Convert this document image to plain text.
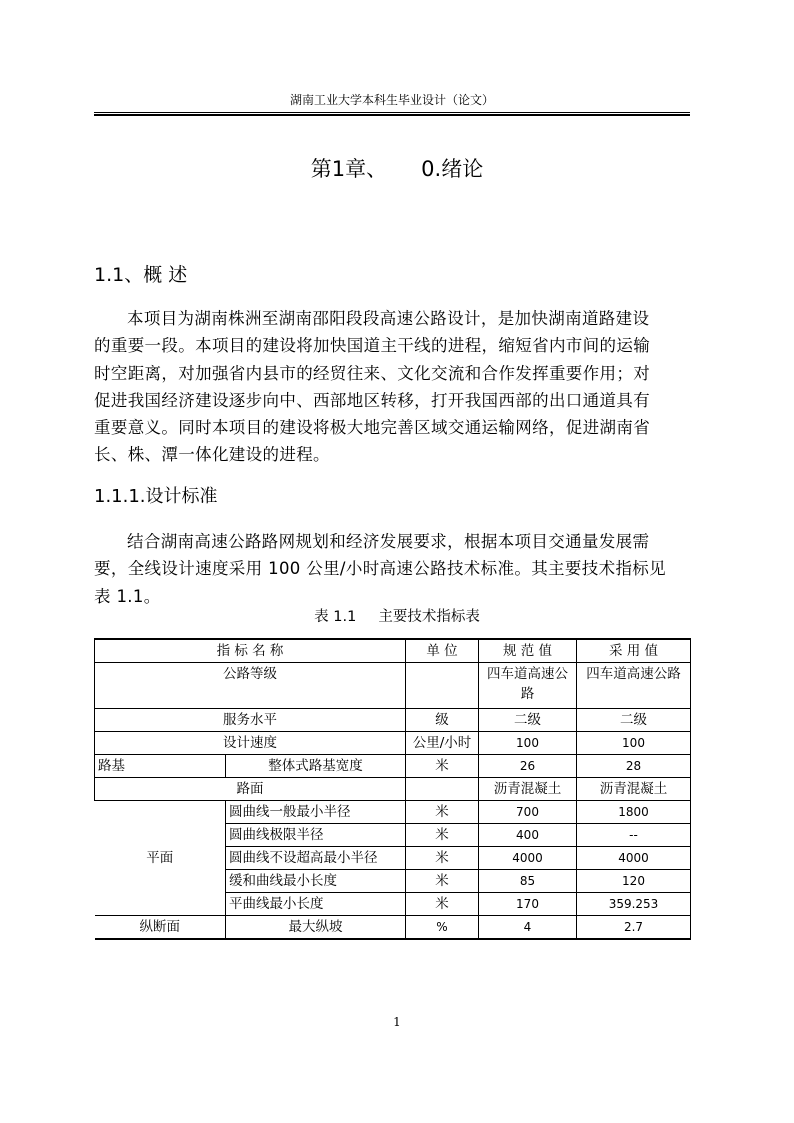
湖南工业大学本科生毕业设计（论文）
第1章、 0.绪论
1.1、概 述
本项目为湖南株洲至湖南邵阳段段高速公路设计，是加快湖南道路建设
的重要一段。本项目的建设将加快国道主干线的进程，缩短省内市间的运输
时空距离，对加强省内县市的经贸往来、文化交流和合作发挥重要作用；对
促进我国经济建设逐步向中、西部地区转移，打开我国西部的出口通道具有
重要意义。同时本项目的建设将极大地完善区域交通运输网络，促进湖南省
长、株、潭一体化建设的进程。
1.1.1.设计标准
结合湖南高速公路路网规划和经济发展要求，根据本项目交通量发展需
要，全线设计速度采用 100 公里/小时高速公路技术标准。其主要技术指标见
表 1.1。
表 1.1 主要技术指标表
指 标 名 称		单 位	规 范 值	采 用 值
公路等级			四车道高速公路	四车道高速公路
服务水平		级	二级	二级
设计速度		公里/小时	100	100
路基	整体式路基宽度	米	26	28
路面			沥青混凝土	沥青混凝土
平面	圆曲线一般最小半径	米	700	1800
	圆曲线极限半径	米	400	--
	圆曲线不设超高最小半径	米	4000	4000
	缓和曲线最小长度	米	85	120
	平曲线最小长度	米	170	359.253
纵断面	最大纵坡	%	4	2.7
1
